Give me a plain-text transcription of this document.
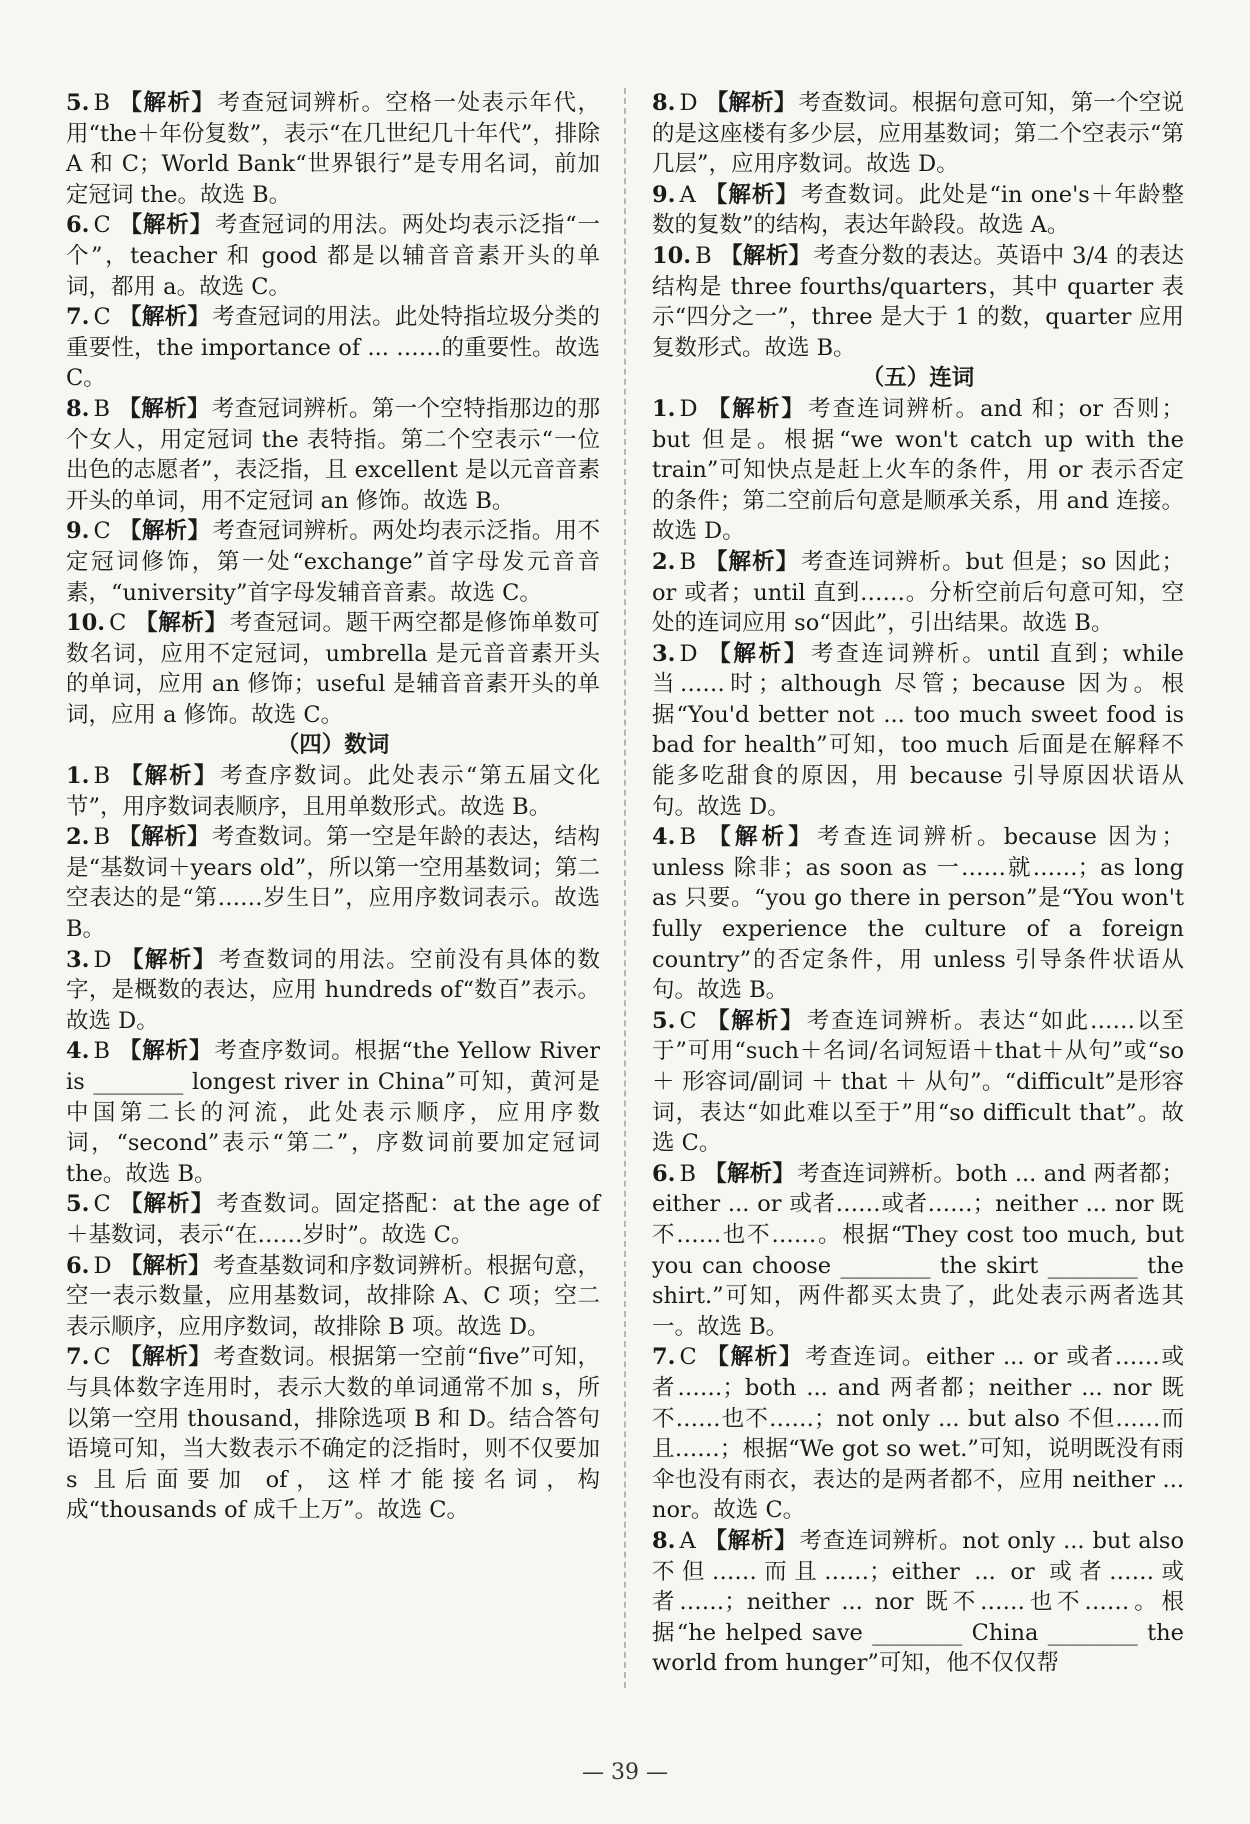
5. B 【解析】考查冠词辨析。空格一处表示年代，用“the＋年份复数”，表示“在几世纪几十年代”，排除 A 和 C；World Bank“世界银行”是专用名词，前加定冠词 the。故选 B。

6. C 【解析】考查冠词的用法。两处均表示泛指“一个”，teacher 和 good 都是以辅音音素开头的单词，都用 a。故选 C。

7. C 【解析】考查冠词的用法。此处特指垃圾分类的重要性，the importance of ... ……的重要性。故选 C。

8. B 【解析】考查冠词辨析。第一个空特指那边的那个女人，用定冠词 the 表特指。第二个空表示“一位出色的志愿者”，表泛指，且 excellent 是以元音音素开头的单词，用不定冠词 an 修饰。故选 B。

9. C 【解析】考查冠词辨析。两处均表示泛指。用不定冠词修饰，第一处“exchange”首字母发元音音素，“university”首字母发辅音音素。故选 C。

10. C 【解析】考查冠词。题干两空都是修饰单数可数名词，应用不定冠词，umbrella 是元音音素开头的单词，应用 an 修饰；useful 是辅音音素开头的单词，应用 a 修饰。故选 C。

（四）数词

1. B 【解析】考查序数词。此处表示“第五届文化节”，用序数词表顺序，且用单数形式。故选 B。

2. B 【解析】考查数词。第一空是年龄的表达，结构是“基数词＋years old”，所以第一空用基数词；第二空表达的是“第……岁生日”，应用序数词表示。故选 B。

3. D 【解析】考查数词的用法。空前没有具体的数字，是概数的表达，应用 hundreds of“数百”表示。故选 D。

4. B 【解析】考查序数词。根据“the Yellow River is ________ longest river in China”可知，黄河是中国第二长的河流，此处表示顺序，应用序数词，“second”表示“第二”，序数词前要加定冠词 the。故选 B。

5. C 【解析】考查数词。固定搭配：at the age of ＋基数词，表示“在……岁时”。故选 C。

6. D 【解析】考查基数词和序数词辨析。根据句意，空一表示数量，应用基数词，故排除 A、C 项；空二表示顺序，应用序数词，故排除 B 项。故选 D。

7. C 【解析】考查数词。根据第一空前“five”可知，与具体数字连用时，表示大数的单词通常不加 s，所以第一空用 thousand，排除选项 B 和 D。结合答句语境可知，当大数表示不确定的泛指时，则不仅要加 s 且后面要加 of，这样才能接名词，构成“thousands of 成千上万”。故选 C。

8. D 【解析】考查数词。根据句意可知，第一个空说的是这座楼有多少层，应用基数词；第二个空表示“第几层”，应用序数词。故选 D。

9. A 【解析】考查数词。此处是“in one's＋年龄整数的复数”的结构，表达年龄段。故选 A。

10. B 【解析】考查分数的表达。英语中 3/4 的表达结构是 three fourths/quarters，其中 quarter 表示“四分之一”，three 是大于 1 的数，quarter 应用复数形式。故选 B。

（五）连词

1. D 【解析】考查连词辨析。and 和；or 否则；but 但是。根据“we won't catch up with the train”可知快点是赶上火车的条件，用 or 表示否定的条件；第二空前后句意是顺承关系，用 and 连接。故选 D。

2. B 【解析】考查连词辨析。but 但是；so 因此；or 或者；until 直到……。分析空前后句意可知，空处的连词应用 so“因此”，引出结果。故选 B。

3. D 【解析】考查连词辨析。until 直到；while 当……时；although 尽管；because 因为。根据“You'd better not ... too much sweet food is bad for health”可知，too much 后面是在解释不能多吃甜食的原因，用 because 引导原因状语从句。故选 D。

4. B 【解析】考查连词辨析。because 因为；unless 除非；as soon as 一……就……；as long as 只要。“you go there in person”是“You won't fully experience the culture of a foreign country”的否定条件，用 unless 引导条件状语从句。故选 B。

5. C 【解析】考查连词辨析。表达“如此……以至于”可用“such＋名词/名词短语＋that＋从句”或“so ＋ 形容词/副词 ＋ that ＋ 从句”。“difficult”是形容词，表达“如此难以至于”用“so difficult that”。故选 C。

6. B 【解析】考查连词辨析。both ... and 两者都；either ... or 或者……或者……；neither ... nor 既不……也不……。根据“They cost too much, but you can choose ________ the skirt ________ the shirt.”可知，两件都买太贵了，此处表示两者选其一。故选 B。

7. C 【解析】考查连词。either ... or 或者……或者……；both ... and 两者都；neither ... nor 既不……也不……；not only ... but also 不但……而且……；根据“We got so wet.”可知，说明既没有雨伞也没有雨衣，表达的是两者都不，应用 neither ... nor。故选 C。

8. A 【解析】考查连词辨析。not only ... but also 不但……而且……；either ... or 或者……或者……；neither ... nor 既不……也不……。根据“he helped save ________ China ________ the world from hunger”可知，他不仅仅帮

— 39 —
